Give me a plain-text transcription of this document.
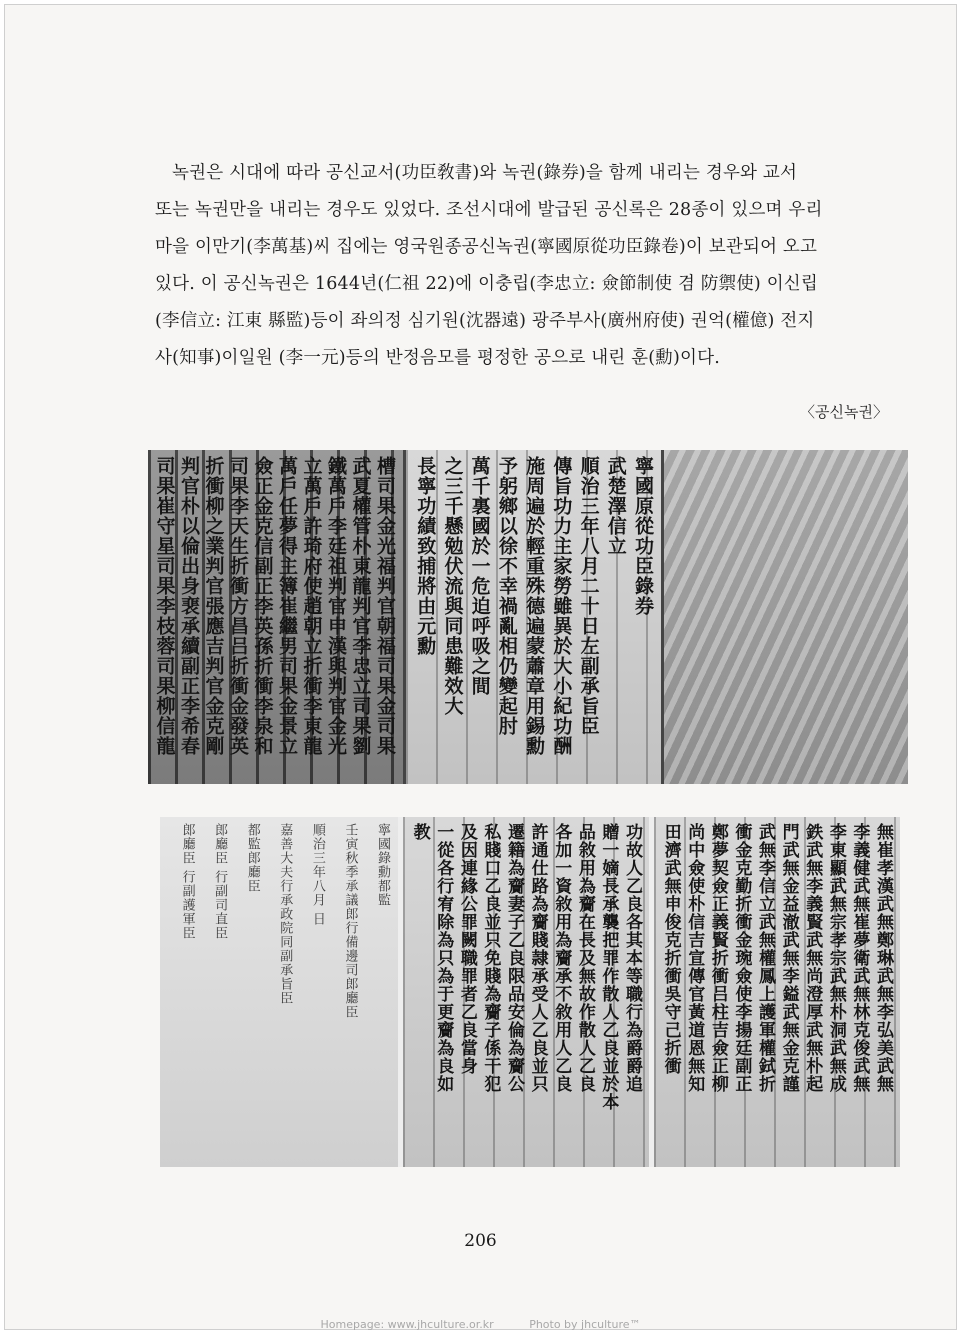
녹권은 시대에 따라 공신교서(功臣敎書)와 녹권(錄券)을 함께 내리는 경우와 교서
또는 녹권만을 내리는 경우도 있었다. 조선시대에 발급된 공신록은 28종이 있으며 우리
마을 이만기(李萬基)씨 집에는 영국원종공신녹권(寧國原從功臣錄卷)이 보관되어 오고
있다. 이 공신녹권은 1644년(仁祖 22)에 이충립(李忠立: 僉節制使 겸 防禦使) 이신립
(李信立: 江東 縣監)등이 좌의정 심기원(沈器遠) 광주부사(廣州府使) 권억(權億) 전지
사(知事)이일원 (李一元)등의 반정음모를 평정한 공으로 내린 훈(勳)이다.
〈공신녹권〉
槽司果金光福判官朝福司果金司果
武夏權管朴東龍判官李忠立司果劉
鐵萬戶李廷祖判官申漢與判官金光
立萬戶許琦府使趙朝立折衝李東龍
萬戶任夢得主簿崔繼男司果金景立
僉正金克信副正李英孫折衝李泉和
司果李天生折衝方昌吕折衝金發英
折衝柳之業判官張應吉判官金克剛
判官朴以倫出身裵承續副正李希春
司果崔守星司果李枝蓉司果柳信龍	寧國原從功臣錄券
武楚澤信立
順治三年八月二十日左副承旨臣
傳旨功力主家勞雖異於大小紀功酬
施周遍於輕重殊德遍蒙蕭章用錫勳
予躬鄉以徐不幸禍亂相仍變起肘
萬千裏國於一危迫呼吸之間
之三千懸勉伏流與同患難效大
長寧功績致捕將由元勳
寧國錄勳都監
壬寅秋季承議郎行備邊司郎廳臣
順治三年八月 日
嘉善大夫行承政院同副承旨臣
都監郎廳臣
郎廳臣 行副司直臣
郎廳臣 行副護軍臣	功故人乙良各其本等職行為爵爵追
贈一嫡長承襲把罪作散人乙良並於本
品敘用為齎在長及無故作散人乙良
各加一資敘用為齎承不敘用人乙良
許通仕路為齎賤隷承受人乙良並只
遷籍為齎妻子乙良限品安倫為齎公
私賤口乙良並只免賤為齎子係干犯
及因連緣公罪闕職罪者乙良當身
一從各行宥除為只為于更齎為良如
教	無崔孝漢武無鄭琳武無李弘美武無
李義健武無崔夢衛武無林克俊武無
李東顯武無宗孝宗武無朴洞武無成
鉄武無李義賢武無尚澄厚武無朴起
門武無金益澈武無李鎰武無金克謹
武無李信立武無權鳳上護軍權鉽折
衝金克勤折衝金琬僉使李揚廷副正
鄭夢契僉正義賢折衝吕柱吉僉正柳
尚中僉使朴信吉宣傳官黃道恩無知
田濟武無申俊克折衝吳守己折衝
206
Homepage: www.jhculture.or.kr	Photo by jhculture™
